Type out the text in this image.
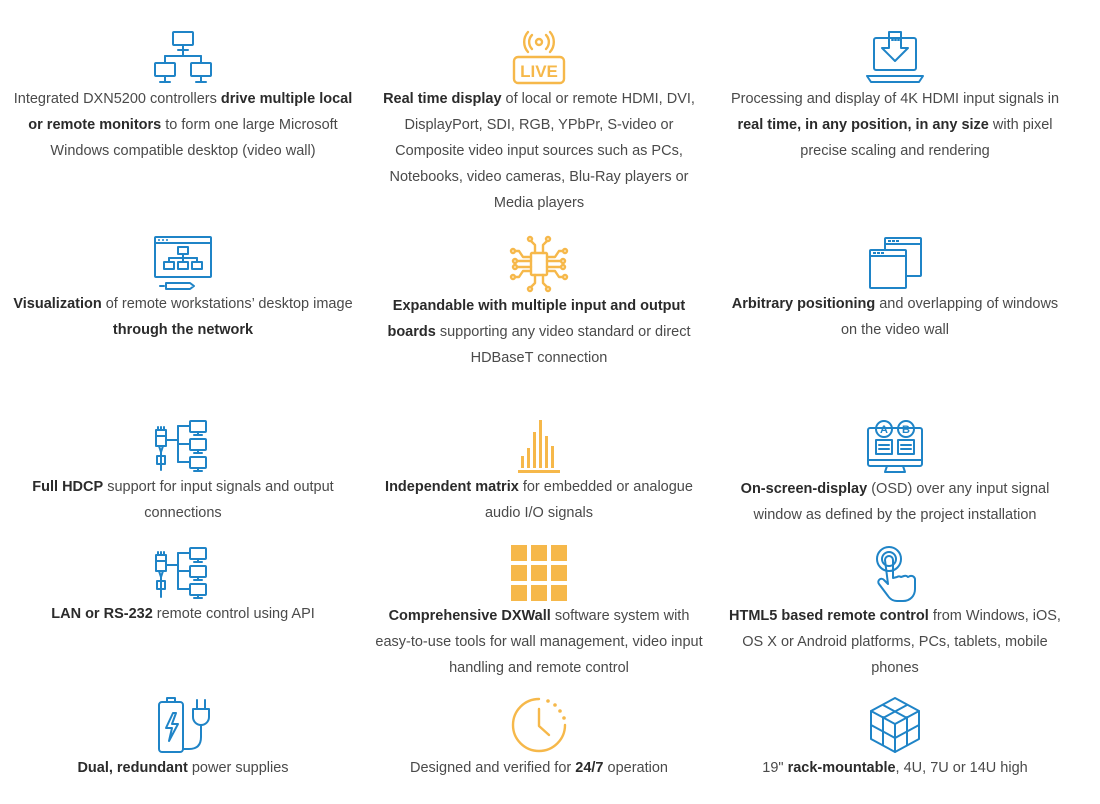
Integrated DXN5200 controllers drive multiple local or remote monitors to form one large Microsoft Windows compatible desktop (video wall)

LIVE

Real time display of local or remote HDMI, DVI, DisplayPort, SDI, RGB, YPbPr, S-video or Composite video input sources such as PCs, Notebooks, video cameras, Blu-Ray players or Media players

Processing and display of 4K HDMI input signals in real time, in any position, in any size with pixel precise scaling and rendering

Visualization of remote workstations’ desktop image through the network

Expandable with multiple input and output boards supporting any video standard or direct HDBaseT connection

Arbitrary positioning and overlapping of windows on the video wall

Full HDCP support for input signals and output connections

Independent matrix for embedded or analogue audio I/O signals

A B

On-screen-display (OSD) over any input signal window as defined by the project installation

LAN or RS-232 remote control using API	Comprehensive DXWall software system with easy-to-use tools for wall management, video input handling and remote control

HTML5 based remote control from Windows, iOS, OS X or Android platforms, PCs, tablets, mobile phones

Dual, redundant power supplies	Designed and verified for 24/7 operation	19" rack-mountable, 4U, 7U or 14U high
